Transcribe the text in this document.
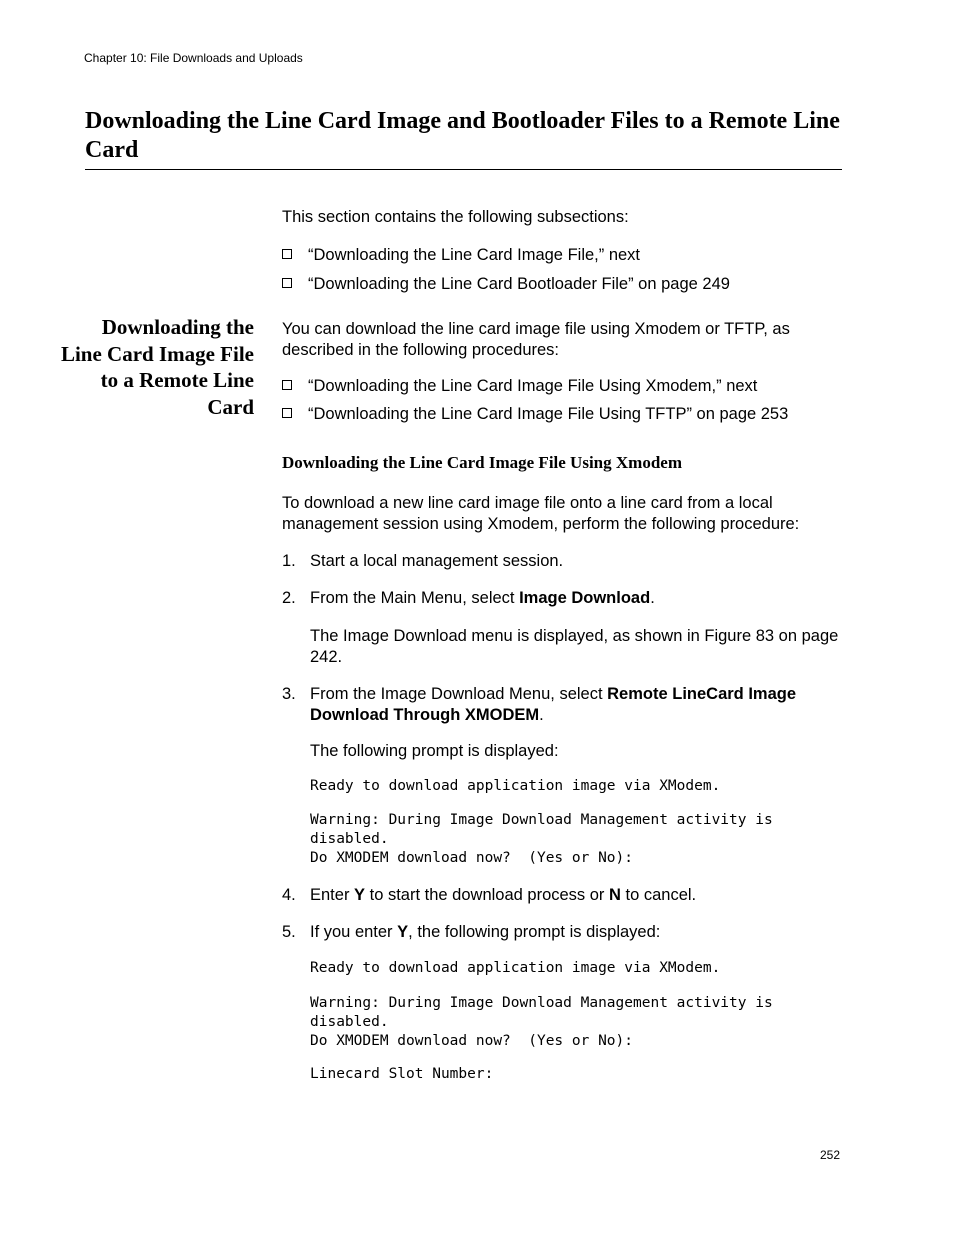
Chapter 10: File Downloads and Uploads
Downloading the Line Card Image and Bootloader Files to a Remote Line Card
This section contains the following subsections:
“Downloading the Line Card Image File,” next
“Downloading the Line Card Bootloader File” on page 249
Downloading the Line Card Image File to a Remote Line Card
You can download the line card image file using Xmodem or TFTP, as described in the following procedures:
“Downloading the Line Card Image File Using Xmodem,” next
“Downloading the Line Card Image File Using TFTP” on page 253
Downloading the Line Card Image File Using Xmodem
To download a new line card image file onto a line card from a local management session using Xmodem, perform the following procedure:
1. Start a local management session.
2. From the Main Menu, select Image Download.
The Image Download menu is displayed, as shown in Figure 83 on page 242.
3. From the Image Download Menu, select Remote LineCard Image Download Through XMODEM.
The following prompt is displayed:
Ready to download application image via XModem.
Warning: During Image Download Management activity is
disabled.
Do XMODEM download now?  (Yes or No):
4. Enter Y to start the download process or N to cancel.
5. If you enter Y, the following prompt is displayed:
Ready to download application image via XModem.
Warning: During Image Download Management activity is
disabled.
Do XMODEM download now?  (Yes or No):
Linecard Slot Number:
252
